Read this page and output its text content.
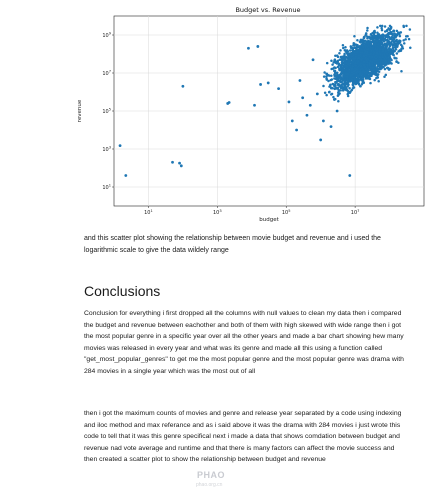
Budget vs. Revenue
$10^1$	$10^3$	$10^5$	$10^7$
$10^1$
$10^3$
$10^5$
$10^7$
$10^9$
budget
revenue
and this scatter plot showing the relationship between movie budget and revenue and i used the logarithmic scale to give the data wildely range
Conclusions

Conclusion for everything i first dropped all the columns with null values to clean my data then i compared the budget and revenue between eachother and both of them with high skewed with wide range then i got the most popular genre in a specific year over all the other years and made a bar chart showing hew many movies was released in every year and what was its genre and made all this using a function called "get_most_popular_genres" to get me the most popular genre and the most popular genre was drama with 284 movies in a single year which was the most out of all

then i got the maximum counts of movies and genre and release year separated by a code using indexing and iloc method and max referance and as i said above it was the drama with 284 movies i just wrote this code to tell that it was this genre specifical next i made a data that shows comdation between budget and revenue nad vote average and runtime and that there is many factors can affect the movie success and then created a scatter plot to show the relationship between budget and revenue

PHAO
phao.org.cn
